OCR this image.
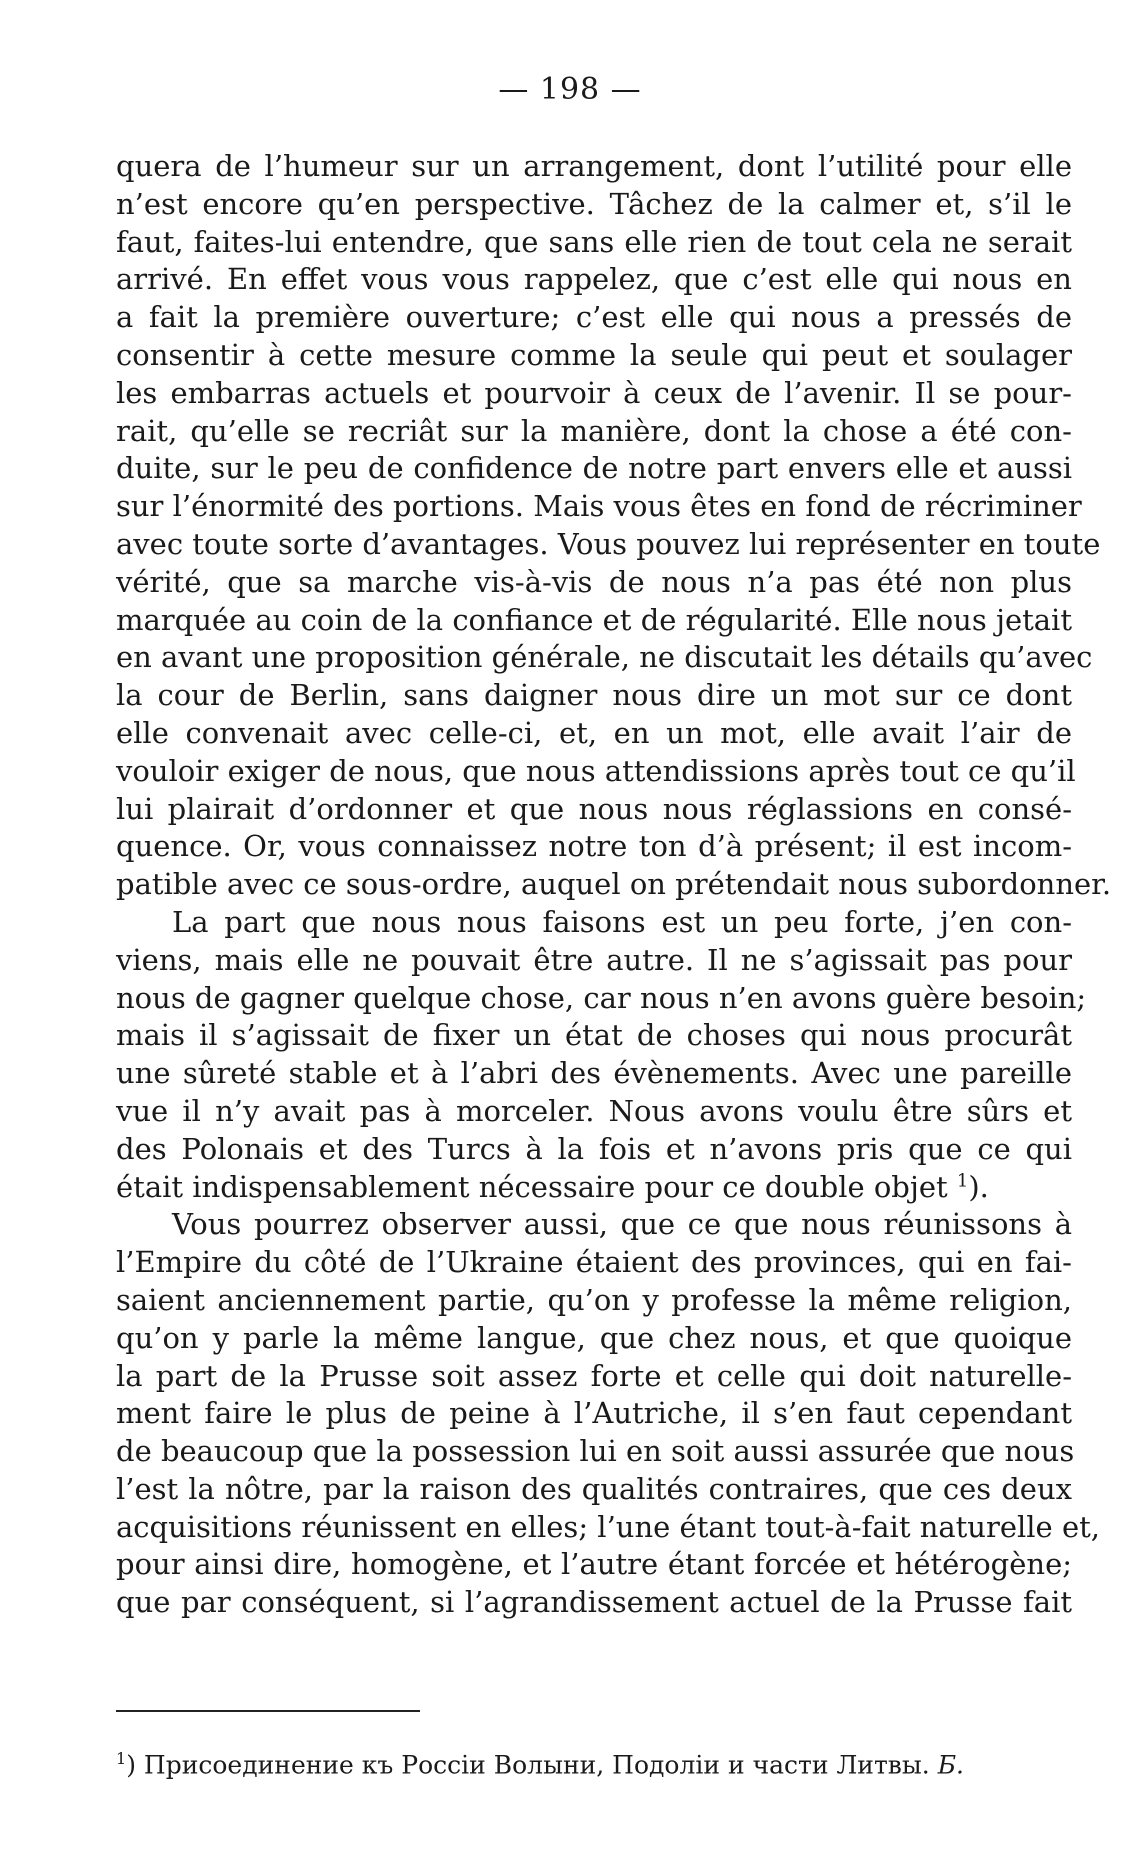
— 198 —
quera de l’humeur sur un arrangement, dont l’utilité pour elle
n’est encore qu’en perspective. Tâchez de la calmer et, s’il le
faut, faites-lui entendre, que sans elle rien de tout cela ne serait
arrivé. En effet vous vous rappelez, que c’est elle qui nous en
a fait la première ouverture; c’est elle qui nous a pressés de
consentir à cette mesure comme la seule qui peut et soulager
les embarras actuels et pourvoir à ceux de l’avenir. Il se pour-
rait, qu’elle se recriât sur la manière, dont la chose a été con-
duite, sur le peu de confidence de notre part envers elle et aussi
sur l’énormité des portions. Mais vous êtes en fond de récriminer
avec toute sorte d’avantages. Vous pouvez lui représenter en toute
vérité, que sa marche vis-à-vis de nous n’a pas été non plus
marquée au coin de la confiance et de régularité. Elle nous jetait
en avant une proposition générale, ne discutait les détails qu’avec
la cour de Berlin, sans daigner nous dire un mot sur ce dont
elle convenait avec celle-ci, et, en un mot, elle avait l’air de
vouloir exiger de nous, que nous attendissions après tout ce qu’il
lui plairait d’ordonner et que nous nous réglassions en consé-
quence. Or, vous connaissez notre ton d’à présent; il est incom-
patible avec ce sous-ordre, auquel on prétendait nous subordonner.
La part que nous nous faisons est un peu forte, j’en con-
viens, mais elle ne pouvait être autre. Il ne s’agissait pas pour
nous de gagner quelque chose, car nous n’en avons guère besoin;
mais il s’agissait de fixer un état de choses qui nous procurât
une sûreté stable et à l’abri des évènements. Avec une pareille
vue il n’y avait pas à morceler. Nous avons voulu être sûrs et
des Polonais et des Turcs à la fois et n’avons pris que ce qui
était indispensablement nécessaire pour ce double objet $^1$).
Vous pourrez observer aussi, que ce que nous réunissons à
l’Empire du côté de l’Ukraine étaient des provinces, qui en fai-
saient anciennement partie, qu’on y professe la même religion,
qu’on y parle la même langue, que chez nous, et que quoique
la part de la Prusse soit assez forte et celle qui doit naturelle-
ment faire le plus de peine à l’Autriche, il s’en faut cependant
de beaucoup que la possession lui en soit aussi assurée que nous
l’est la nôtre, par la raison des qualités contraires, que ces deux
acquisitions réunissent en elles; l’une étant tout-à-fait naturelle et,
pour ainsi dire, homogène, et l’autre étant forcée et hétérogène;
que par conséquent, si l’agrandissement actuel de la Prusse fait
$^1$) Присоединение къ Россіи Волыни, Подоліи и части Литвы. Б.
